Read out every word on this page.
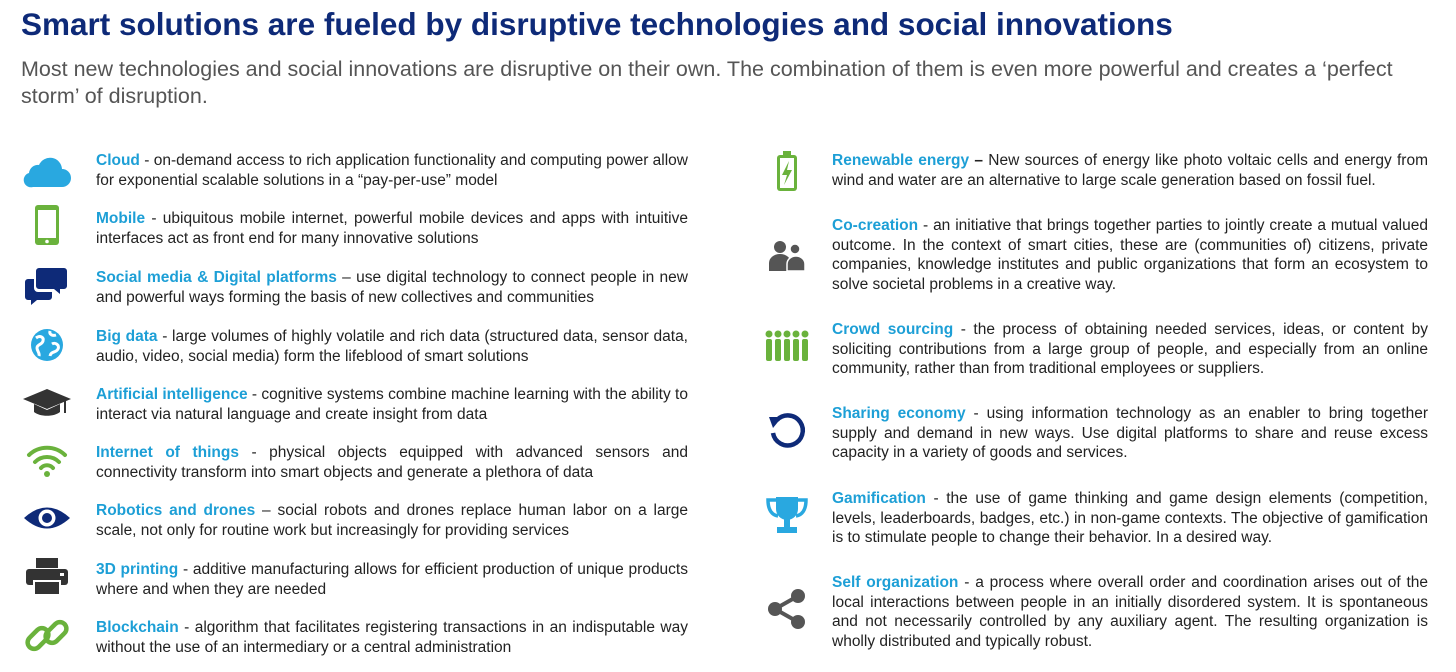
Smart solutions are fueled by disruptive technologies and social innovations

Most new technologies and social innovations are disruptive on their own. The combination of them is even more powerful and creates a ‘perfect storm’ of disruption.

Cloud - on-demand access to rich application functionality and computing power allow for exponential scalable solutions in a “pay-per-use” model
Mobile - ubiquitous mobile internet, powerful mobile devices and apps with intuitive interfaces act as front end for many innovative solutions
Social media & Digital platforms – use digital technology to connect people in new and powerful ways forming the basis of new collectives and communities
Big data - large volumes of highly volatile and rich data (structured data, sensor data, audio, video, social media) form the lifeblood of smart solutions
Artificial intelligence - cognitive systems combine machine learning with the ability to interact via natural language and create insight from data
Internet of things - physical objects equipped with advanced sensors and connectivity transform into smart objects and generate a plethora of data
Robotics and drones – social robots and drones replace human labor on a large scale, not only for routine work but increasingly for providing services
3D printing - additive manufacturing allows for efficient production of unique products where and when they are needed
Blockchain - algorithm that facilitates registering transactions in an indisputable way without the use of an intermediary or a central administration
Renewable energy – New sources of energy like photo voltaic cells and energy from wind and water are an alternative to large scale generation based on fossil fuel.
Co-creation - an initiative that brings together parties to jointly create a mutual valued outcome. In the context of smart cities, these are (communities of) citizens, private companies, knowledge institutes and public organizations that form an ecosystem to solve societal problems in a creative way.
Crowd sourcing - the process of obtaining needed services, ideas, or content by soliciting contributions from a large group of people, and especially from an online community, rather than from traditional employees or suppliers.
Sharing economy - using information technology as an enabler to bring together supply and demand in new ways. Use digital platforms to share and reuse excess capacity in a variety of goods and services.
Gamification - the use of game thinking and game design elements (competition, levels, leaderboards, badges, etc.) in non-game contexts. The objective of gamification is to stimulate people to change their behavior. In a desired way.
Self organization - a process where overall order and coordination arises out of the local interactions between people in an initially disordered system. It is spontaneous and not necessarily controlled by any auxiliary agent. The resulting organization is wholly distributed and typically robust.
